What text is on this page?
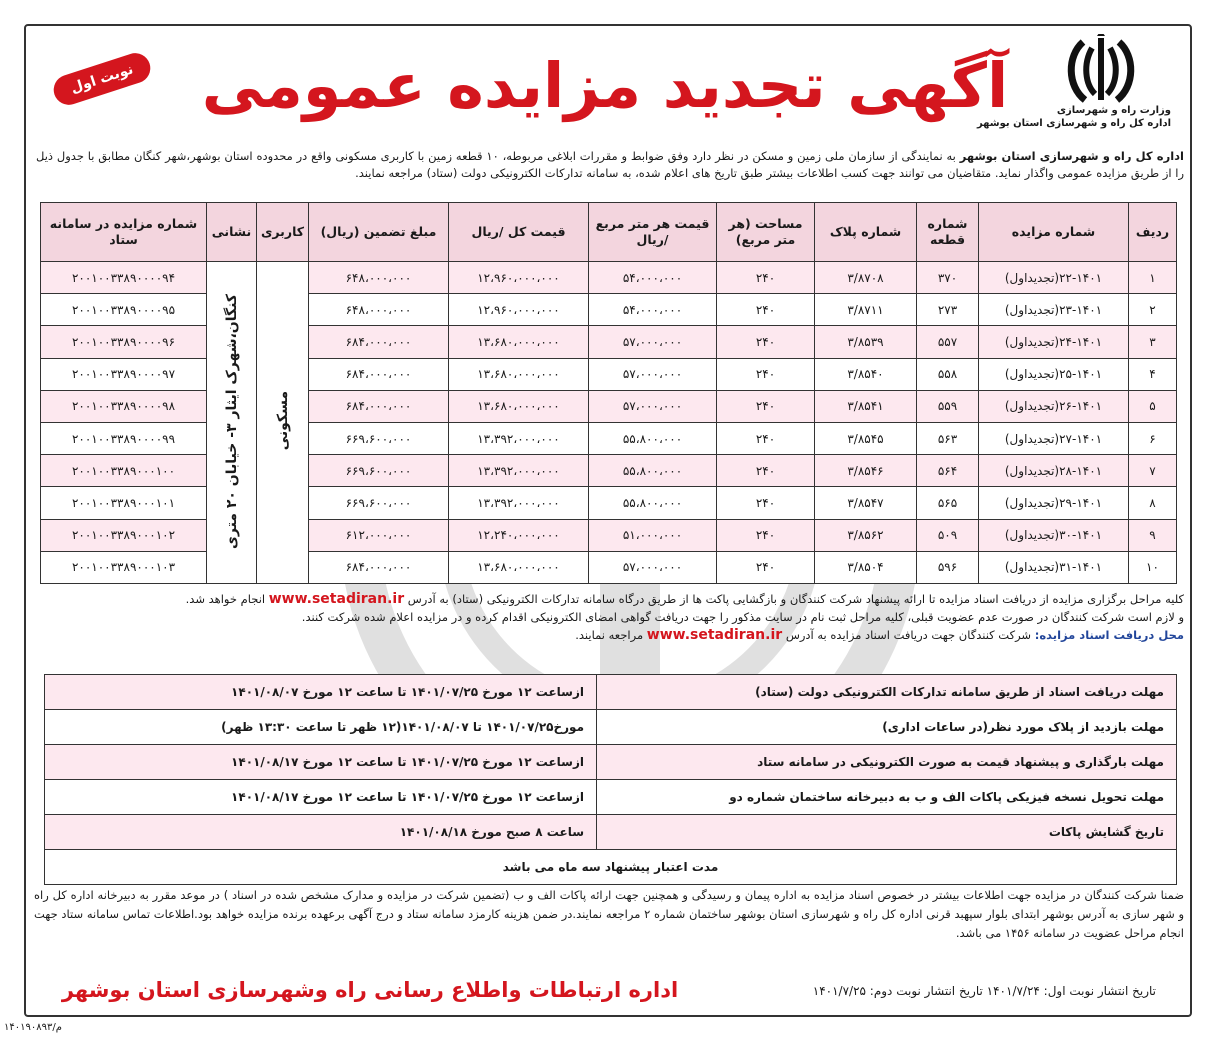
وزارت راه و شهرسازی
اداره کل راه و شهرسازی استان بوشهر
آگهی تجدید مزایده عمومی
نوبت اول
اداره کل راه و شهرسازی استان بوشهر به نمایندگی از سازمان ملی زمین و مسکن در نظر دارد وفق ضوابط و مقررات ابلاغی مربوطه، ۱۰ قطعه زمین با کاربری مسکونی واقع در محدوده استان بوشهر،شهر کنگان مطابق با جدول ذیل را از طریق مزایده عمومی واگذار نماید. متقاضیان می توانند جهت کسب اطلاعات بیشتر طبق تاریخ های اعلام شده، به سامانه تدارکات الکترونیکی دولت (ستاد) مراجعه نمایند.
ردیف	شماره مزایده	شماره قطعه	شماره پلاک	مساحت (هر متر مربع)	قیمت هر متر مربع /ریال	قیمت کل /ریال	مبلغ تضمین (ریال)	کاربری	نشانی	شماره مزایده در سامانه ستاد
۱	۲۲-۱۴۰۱(تجدیداول)	۳۷۰	۳/۸۷۰۸	۲۴۰	۵۴،۰۰۰،۰۰۰	۱۲،۹۶۰،۰۰۰،۰۰۰	۶۴۸،۰۰۰،۰۰۰	مسکونی	کنگان،شهرک ایثار ۳- خیابان ۲۰ متری	۲۰۰۱۰۰۳۳۸۹۰۰۰۰۹۴
۲	۲۳-۱۴۰۱(تجدیداول)	۲۷۳	۳/۸۷۱۱	۲۴۰	۵۴،۰۰۰،۰۰۰	۱۲،۹۶۰،۰۰۰،۰۰۰	۶۴۸،۰۰۰،۰۰۰			۲۰۰۱۰۰۳۳۸۹۰۰۰۰۹۵
۳	۲۴-۱۴۰۱(تجدیداول)	۵۵۷	۳/۸۵۳۹	۲۴۰	۵۷،۰۰۰،۰۰۰	۱۳،۶۸۰،۰۰۰،۰۰۰	۶۸۴،۰۰۰،۰۰۰			۲۰۰۱۰۰۳۳۸۹۰۰۰۰۹۶
۴	۲۵-۱۴۰۱(تجدیداول)	۵۵۸	۳/۸۵۴۰	۲۴۰	۵۷،۰۰۰،۰۰۰	۱۳،۶۸۰،۰۰۰،۰۰۰	۶۸۴،۰۰۰،۰۰۰			۲۰۰۱۰۰۳۳۸۹۰۰۰۰۹۷
۵	۲۶-۱۴۰۱(تجدیداول)	۵۵۹	۳/۸۵۴۱	۲۴۰	۵۷،۰۰۰،۰۰۰	۱۳،۶۸۰،۰۰۰،۰۰۰	۶۸۴،۰۰۰،۰۰۰			۲۰۰۱۰۰۳۳۸۹۰۰۰۰۹۸
۶	۲۷-۱۴۰۱(تجدیداول)	۵۶۳	۳/۸۵۴۵	۲۴۰	۵۵،۸۰۰،۰۰۰	۱۳،۳۹۲،۰۰۰،۰۰۰	۶۶۹،۶۰۰،۰۰۰			۲۰۰۱۰۰۳۳۸۹۰۰۰۰۹۹
۷	۲۸-۱۴۰۱(تجدیداول)	۵۶۴	۳/۸۵۴۶	۲۴۰	۵۵،۸۰۰،۰۰۰	۱۳،۳۹۲،۰۰۰،۰۰۰	۶۶۹،۶۰۰،۰۰۰			۲۰۰۱۰۰۳۳۸۹۰۰۰۱۰۰
۸	۲۹-۱۴۰۱(تجدیداول)	۵۶۵	۳/۸۵۴۷	۲۴۰	۵۵،۸۰۰،۰۰۰	۱۳،۳۹۲،۰۰۰،۰۰۰	۶۶۹،۶۰۰،۰۰۰			۲۰۰۱۰۰۳۳۸۹۰۰۰۱۰۱
۹	۳۰-۱۴۰۱(تجدیداول)	۵۰۹	۳/۸۵۶۲	۲۴۰	۵۱،۰۰۰،۰۰۰	۱۲،۲۴۰،۰۰۰،۰۰۰	۶۱۲،۰۰۰،۰۰۰			۲۰۰۱۰۰۳۳۸۹۰۰۰۱۰۲
۱۰	۳۱-۱۴۰۱(تجدیداول)	۵۹۶	۳/۸۵۰۴	۲۴۰	۵۷،۰۰۰،۰۰۰	۱۳،۶۸۰،۰۰۰،۰۰۰	۶۸۴،۰۰۰،۰۰۰			۲۰۰۱۰۰۳۳۸۹۰۰۰۱۰۳
کلیه مراحل برگزاری مزایده از دریافت اسناد مزایده تا ارائه پیشنهاد شرکت کنندگان و بازگشایی پاکت ها از طریق درگاه سامانه تدارکات الکترونیکی (ستاد) به آدرس www.setadiran.ir انجام خواهد شد.
و لازم است شرکت کنندگان در صورت عدم عضویت قبلی، کلیه مراحل ثبت نام در سایت مذکور را جهت دریافت گواهی امضای الکترونیکی اقدام کرده و در مزایده اعلام شده شرکت کنند.
محل دریافت اسناد مزایده: شرکت کنندگان جهت دریافت اسناد مزایده به آدرس www.setadiran.ir مراجعه نمایند.
مهلت دریافت اسناد از طریق سامانه تدارکات الکترونیکی دولت (ستاد)	ازساعت ۱۲ مورخ ۱۴۰۱/۰۷/۲۵ تا ساعت ۱۲ مورخ ۱۴۰۱/۰۸/۰۷
مهلت بازدید از پلاک مورد نظر(در ساعات اداری)	مورخ۱۴۰۱/۰۷/۲۵ تا ۱۴۰۱/۰۸/۰۷(۱۲ ظهر تا ساعت ۱۳:۳۰ ظهر)
مهلت بارگذاری و پیشنهاد قیمت به صورت الکترونیکی در سامانه ستاد	ازساعت ۱۲ مورخ ۱۴۰۱/۰۷/۲۵ تا ساعت ۱۲ مورخ ۱۴۰۱/۰۸/۱۷
مهلت تحویل نسخه فیزیکی پاکات الف و ب به دبیرخانه ساختمان شماره دو	ازساعت ۱۲ مورخ ۱۴۰۱/۰۷/۲۵ تا ساعت ۱۲ مورخ ۱۴۰۱/۰۸/۱۷
تاریخ گشایش پاکات	ساعت ۸ صبح مورخ ۱۴۰۱/۰۸/۱۸
مدت اعتبار پیشنهاد سه ماه می باشد	
ضمنا شرکت کنندگان در مزایده جهت اطلاعات بیشتر در خصوص اسناد مزایده به اداره پیمان و رسیدگی و همچنین جهت ارائه پاکات الف و ب (تضمین شرکت در مزایده و مدارک مشخص شده در اسناد ) در موعد مقرر به دبیرخانه اداره کل راه و شهر سازی به آدرس بوشهر ابتدای بلوار سپهبد قرنی اداره کل راه و شهرسازی استان بوشهر ساختمان شماره ۲ مراجعه نمایند.در ضمن هزینه کارمزد سامانه ستاد و درج آگهی برعهده برنده مزایده خواهد بود.اطلاعات تماس سامانه ستاد جهت انجام مراحل عضویت در سامانه ۱۴۵۶ می باشد.
اداره ارتباطات واطلاع رسانی راه وشهرسازی استان بوشهر	تاریخ انتشار نوبت اول: ۱۴۰۱/۷/۲۴ تاریخ انتشار نوبت دوم: ۱۴۰۱/۷/۲۵
م/۱۴۰۱۹۰۸۹۳
